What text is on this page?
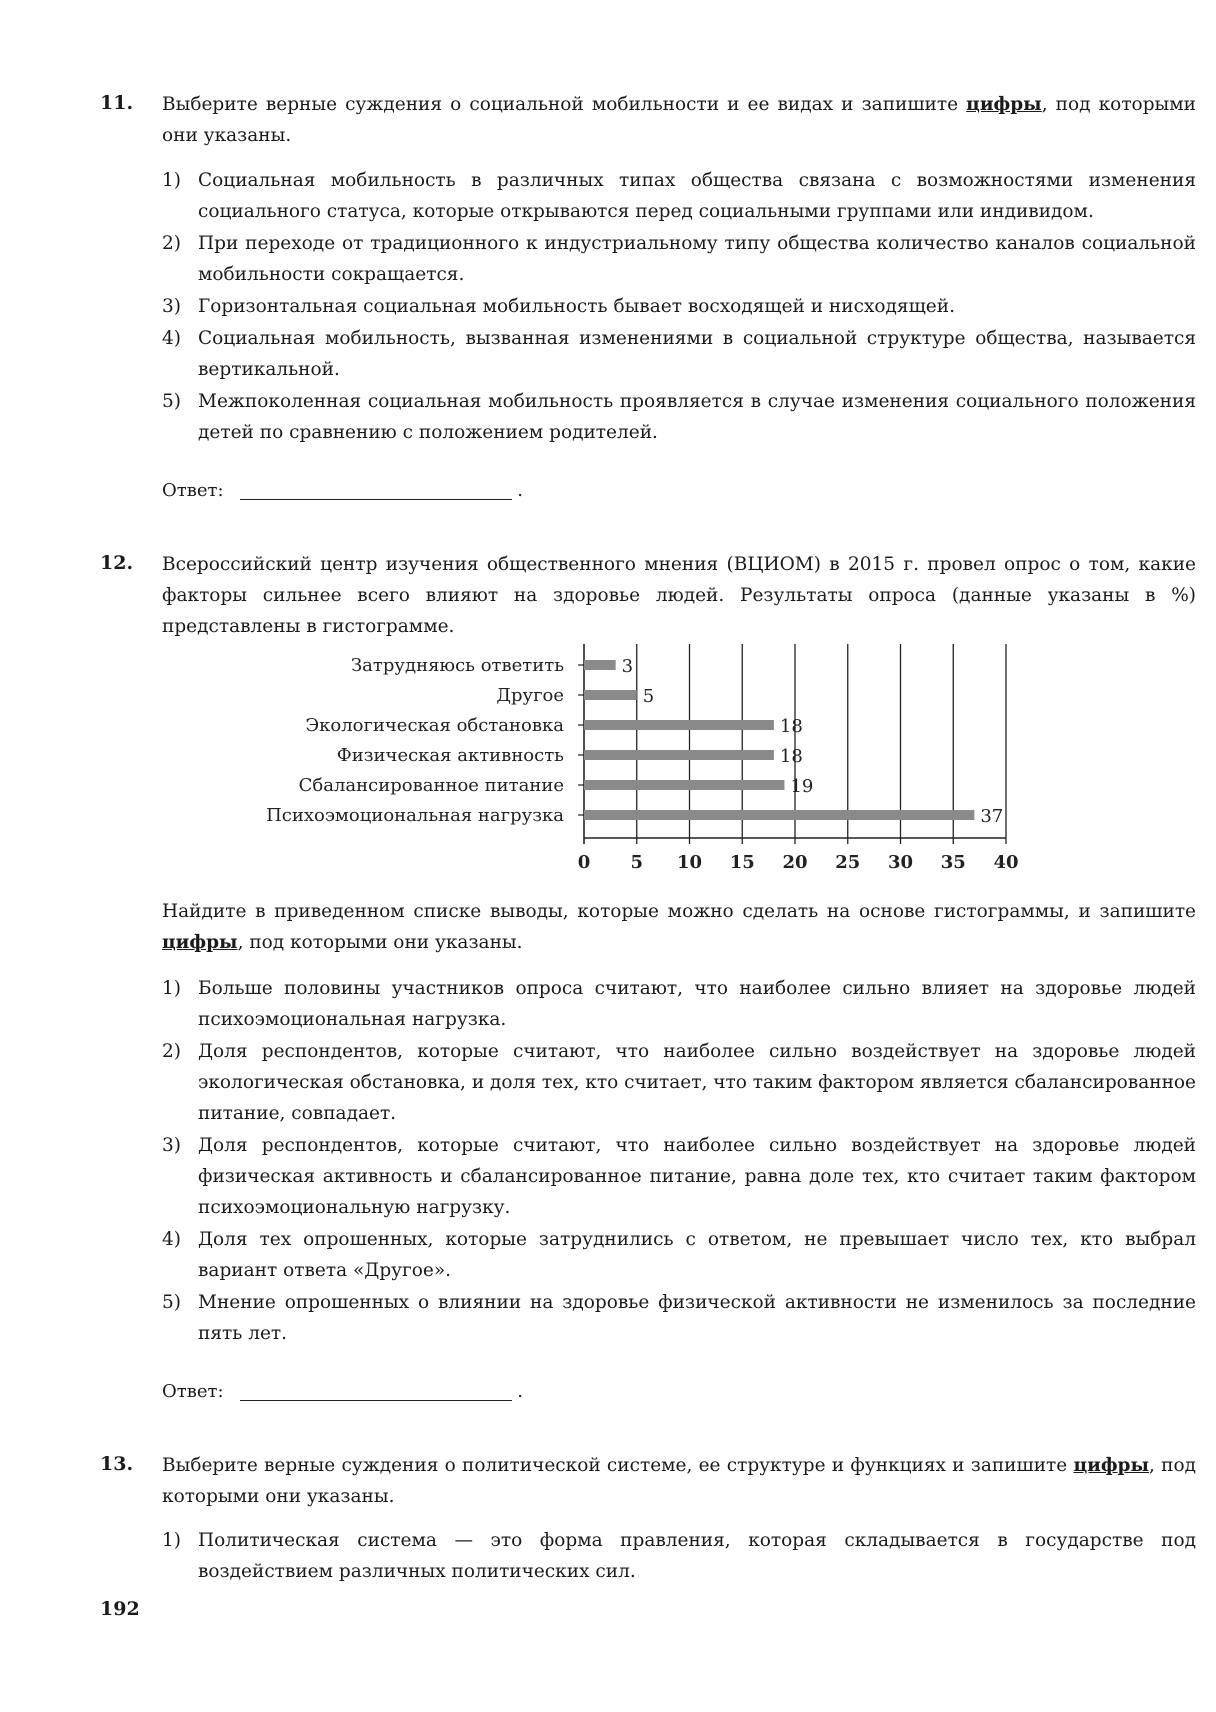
11. Выберите верные суждения о социальной мобильности и ее видах и запишите цифры, под которыми они указаны.
1) Социальная мобильность в различных типах общества связана с возможностями изменения социального статуса, которые открываются перед социальными группами или индивидом.
2) При переходе от традиционного к индустриальному типу общества количество каналов социальной мобильности сокращается.
3) Горизонтальная социальная мобильность бывает восходящей и нисходящей.
4) Социальная мобильность, вызванная изменениями в социальной структуре общества, называется вертикальной.
5) Межпоколенная социальная мобильность проявляется в случае изменения социального положения детей по сравнению с положением родителей.
Ответ:	.
12. Всероссийский центр изучения общественного мнения (ВЦИОМ) в 2015 г. провел опрос о том, какие факторы сильнее всего влияют на здоровье людей. Результаты опроса (данные указаны в %) представлены в гистограмме.
0 5 10 15 20 25 30 35 40
Затрудняюсь ответить	3
Другое	5
Экологическая обстановка	18
Физическая активность	18
Сбалансированное питание	19
Психоэмоциональная нагрузка	37
Найдите в приведенном списке выводы, которые можно сделать на основе гистограммы, и запишите цифры, под которыми они указаны.
1) Больше половины участников опроса считают, что наиболее сильно влияет на здоровье людей психоэмоциональная нагрузка.
2) Доля респондентов, которые считают, что наиболее сильно воздействует на здоровье людей экологическая обстановка, и доля тех, кто считает, что таким фактором является сбалансированное питание, совпадает.
3) Доля респондентов, которые считают, что наиболее сильно воздействует на здоровье людей физическая активность и сбалансированное питание, равна доле тех, кто считает таким фактором психоэмоциональную нагрузку.
4) Доля тех опрошенных, которые затруднились с ответом, не превышает число тех, кто выбрал вариант ответа «Другое».
5) Мнение опрошенных о влиянии на здоровье физической активности не изменилось за последние пять лет.
Ответ:	.
13. Выберите верные суждения о политической системе, ее структуре и функциях и запишите цифры, под которыми они указаны.
1) Политическая система — это форма правления, которая складывается в государстве под воздействием различных политических сил.
192
